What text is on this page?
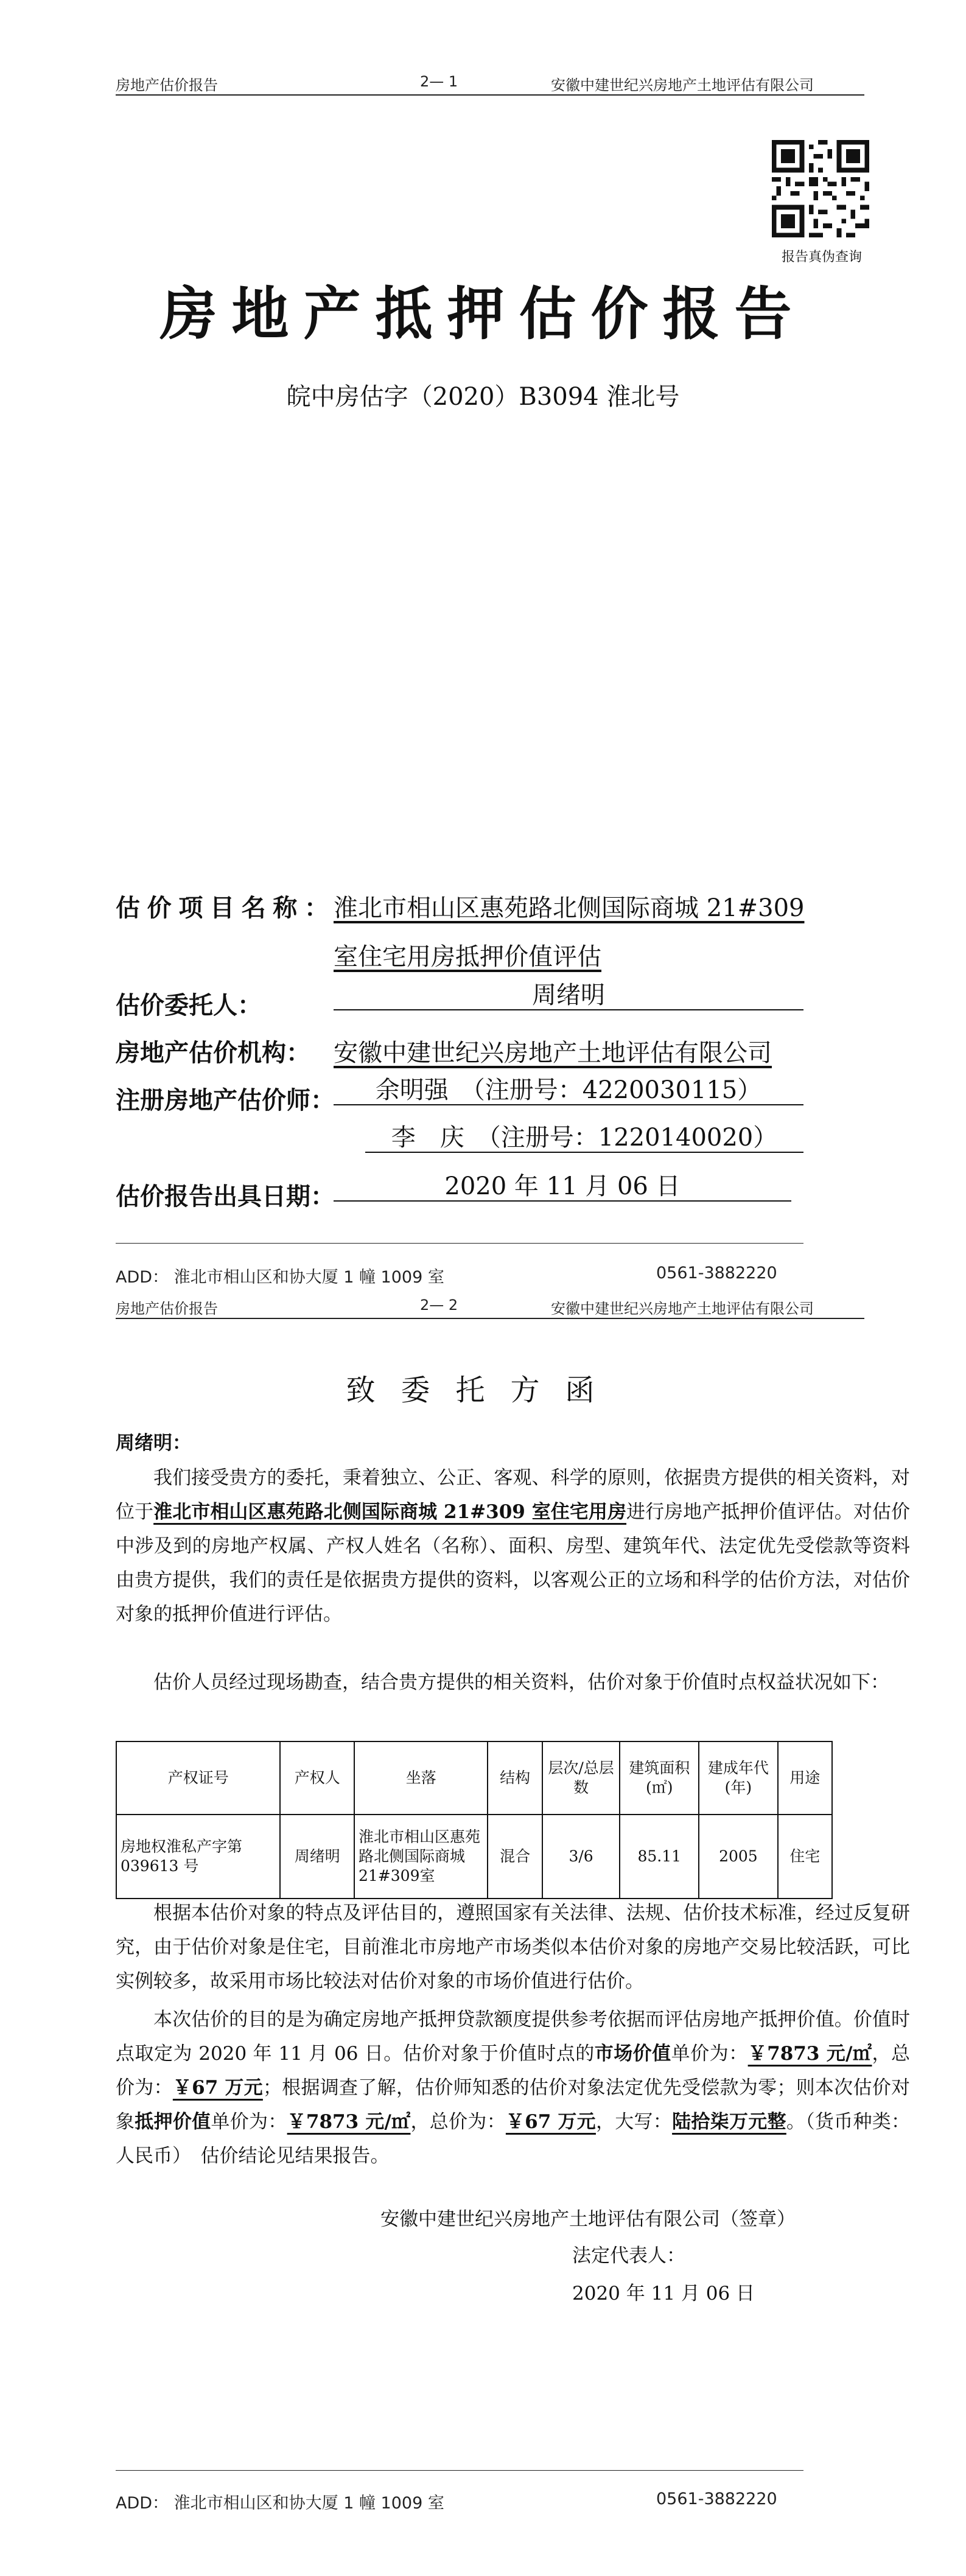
房地产估价报告	2— 1	安徽中建世纪兴房地产土地评估有限公司
报告真伪查询
房地产抵押估价报告
皖中房估字（2020）B3094 淮北号
估 价 项 目 名 称 ： 淮北市相山区惠苑路北侧国际商城 21#309
室住宅用房抵押价值评估
估价委托人：	周绪明
房地产估价机构： 安徽中建世纪兴房地产土地评估有限公司
注册房地产估价师：	余明强　（注册号：4220030115）
李　庆　（注册号：1220140020）
估价报告出具日期：	2020 年 11 月 06 日
ADD： 淮北市相山区和协大厦 1 幢 1009 室	0561-3882220
房地产估价报告	2— 2	安徽中建世纪兴房地产土地评估有限公司
致委托方函
周绪明：

我们接受贵方的委托，秉着独立、公正、客观、科学的原则，依据贵方提供的相关资料，对位于淮北市相山区惠苑路北侧国际商城 21#309 室住宅用房进行房地产抵押价值评估。对估价中涉及到的房地产权属、产权人姓名（名称）、面积、房型、建筑年代、法定优先受偿款等资料由贵方提供，我们的责任是依据贵方提供的资料，以客观公正的立场和科学的估价方法，对估价对象的抵押价值进行评估。

估价人员经过现场勘查，结合贵方提供的相关资料，估价对象于价值时点权益状况如下：

产权证号	产权人	坐落	结构	层次/总层数	建筑面积(㎡)	建成年代(年)	用途
房地权淮私产字第039613 号	周绪明	淮北市相山区惠苑路北侧国际商城 21#309室	混合	3/6	85.11	2005	住宅

根据本估价对象的特点及评估目的，遵照国家有关法律、法规、估价技术标准，经过反复研究，由于估价对象是住宅，目前淮北市房地产市场类似本估价对象的房地产交易比较活跃，可比实例较多，故采用市场比较法对估价对象的市场价值进行估价。

本次估价的目的是为确定房地产抵押贷款额度提供参考依据而评估房地产抵押价值。价值时点取定为 2020 年 11 月 06 日。估价对象于价值时点的市场价值单价为：￥7873 元/㎡，总价为：￥67 万元；根据调查了解，估价师知悉的估价对象法定优先受偿款为零；则本次估价对象抵押价值单价为：￥7873 元/㎡，总价为：￥67 万元，大写：陆拾柒万元整。（货币种类：人民币）　估价结论见结果报告。

安徽中建世纪兴房地产土地评估有限公司（签章）
法定代表人：
2020 年 11 月 06 日
ADD： 淮北市相山区和协大厦 1 幢 1009 室	0561-3882220
